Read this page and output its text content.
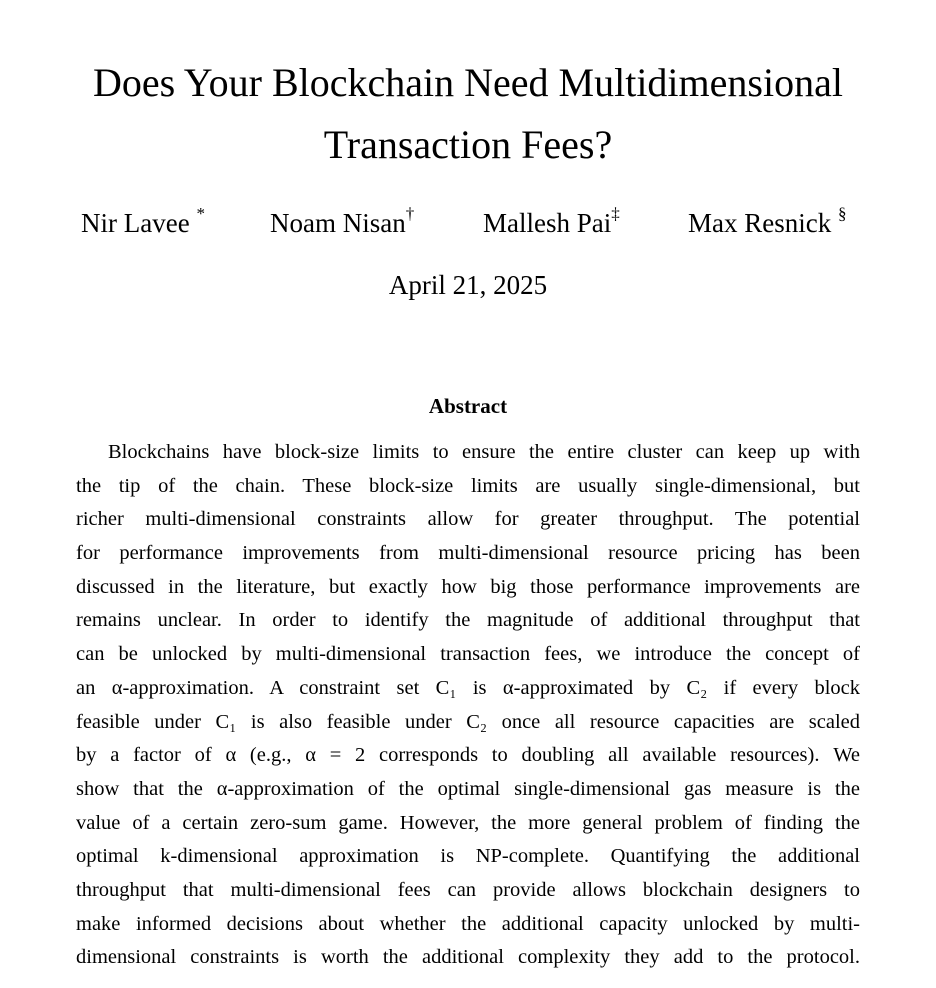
Does Your Blockchain Need Multidimensional
Transaction Fees?
Nir Lavee * Noam Nisan†	Mallesh Pai‡	Max Resnick §
April 21, 2025
Abstract
Blockchains have block-size limits to ensure the entire cluster can keep up with
the tip of the chain. These block-size limits are usually single-dimensional, but
richer multi-dimensional constraints allow for greater throughput. The potential
for performance improvements from multi-dimensional resource pricing has been
discussed in the literature, but exactly how big those performance improvements are
remains unclear. In order to identify the magnitude of additional throughput that
can be unlocked by multi-dimensional transaction fees, we introduce the concept of
an α-approximation. A constraint set C₁ is α-approximated by C₂ if every block
feasible under C₁ is also feasible under C₂ once all resource capacities are scaled
by a factor of α (e.g., α = 2 corresponds to doubling all available resources). We
show that the α-approximation of the optimal single-dimensional gas measure is the
value of a certain zero-sum game. However, the more general problem of finding the
optimal k-dimensional approximation is NP-complete. Quantifying the additional
throughput that multi-dimensional fees can provide allows blockchain designers to
make informed decisions about whether the additional capacity unlocked by multi-
dimensional constraints is worth the additional complexity they add to the protocol.
